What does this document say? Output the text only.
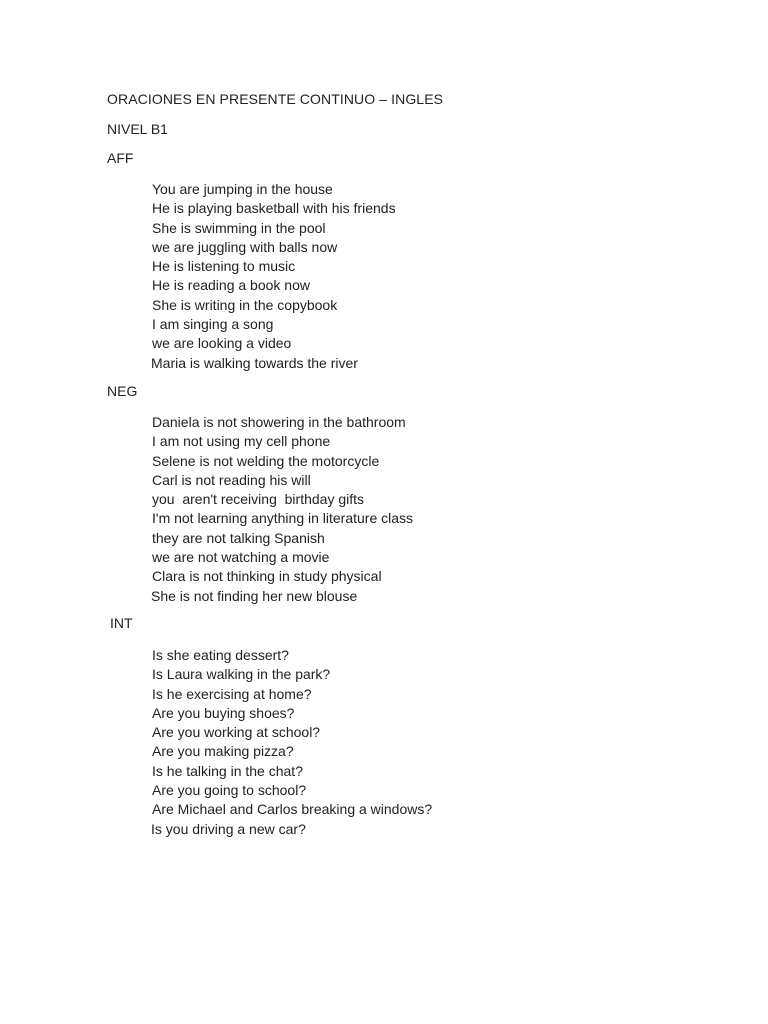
ORACIONES EN PRESENTE CONTINUO – INGLES
NIVEL B1
AFF
You are jumping in the house
He is playing basketball with his friends
She is swimming in the pool
we are juggling with balls now
He is listening to music
He is reading a book now
She is writing in the copybook
I am singing a song
we are looking a video
Maria is walking towards the river
NEG
Daniela is not showering in the bathroom
I am not using my cell phone
Selene is not welding the motorcycle
Carl is not reading his will
you  aren't receiving  birthday gifts
I'm not learning anything in literature class
they are not talking Spanish
we are not watching a movie
Clara is not thinking in study physical
She is not finding her new blouse
INT
Is she eating dessert?
Is Laura walking in the park?
Is he exercising at home?
Are you buying shoes?
Are you working at school?
Are you making pizza?
Is he talking in the chat?
Are you going to school?
Are Michael and Carlos breaking a windows?
Is you driving a new car?
